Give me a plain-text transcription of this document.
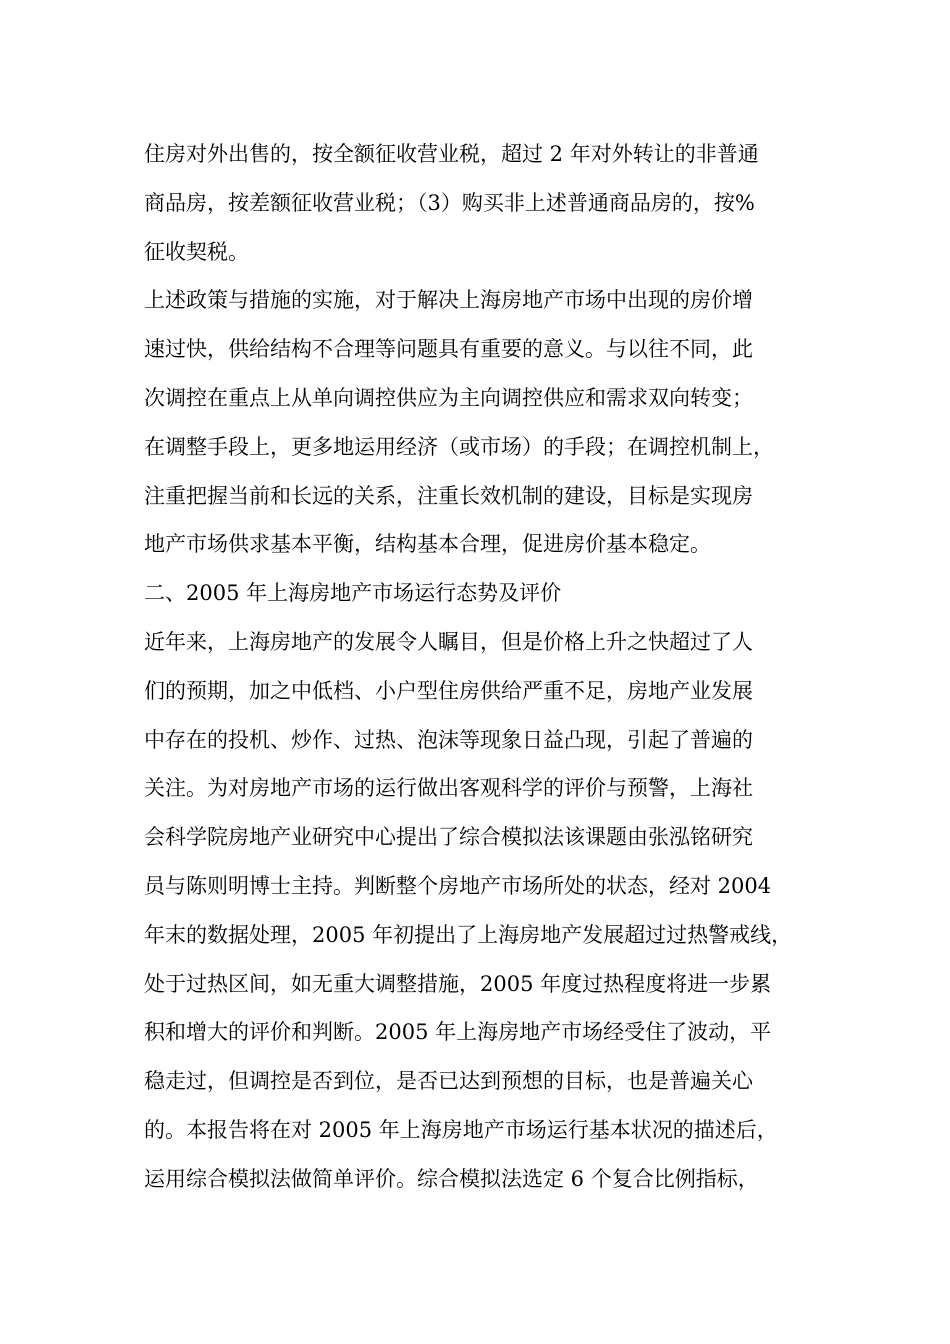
住房对外出售的，按全额征收营业税，超过 2 年对外转让的非普通
商品房，按差额征收营业税；（3）购买非上述普通商品房的，按%
征收契税。
上述政策与措施的实施，对于解决上海房地产市场中出现的房价增
速过快，供给结构不合理等问题具有重要的意义。与以往不同，此
次调控在重点上从单向调控供应为主向调控供应和需求双向转变；
在调整手段上，更多地运用经济（或市场）的手段；在调控机制上，
注重把握当前和长远的关系，注重长效机制的建设，目标是实现房
地产市场供求基本平衡，结构基本合理，促进房价基本稳定。
二、2005 年上海房地产市场运行态势及评价
近年来，上海房地产的发展令人瞩目，但是价格上升之快超过了人
们的预期，加之中低档、小户型住房供给严重不足，房地产业发展
中存在的投机、炒作、过热、泡沫等现象日益凸现，引起了普遍的
关注。为对房地产市场的运行做出客观科学的评价与预警，上海社
会科学院房地产业研究中心提出了综合模拟法该课题由张泓铭研究
员与陈则明博士主持。判断整个房地产市场所处的状态，经对 2004
年末的数据处理，2005 年初提出了上海房地产发展超过过热警戒线，
处于过热区间，如无重大调整措施，2005 年度过热程度将进一步累
积和增大的评价和判断。2005 年上海房地产市场经受住了波动，平
稳走过，但调控是否到位，是否已达到预想的目标，也是普遍关心
的。本报告将在对 2005 年上海房地产市场运行基本状况的描述后，
运用综合模拟法做简单评价。综合模拟法选定 6 个复合比例指标，
